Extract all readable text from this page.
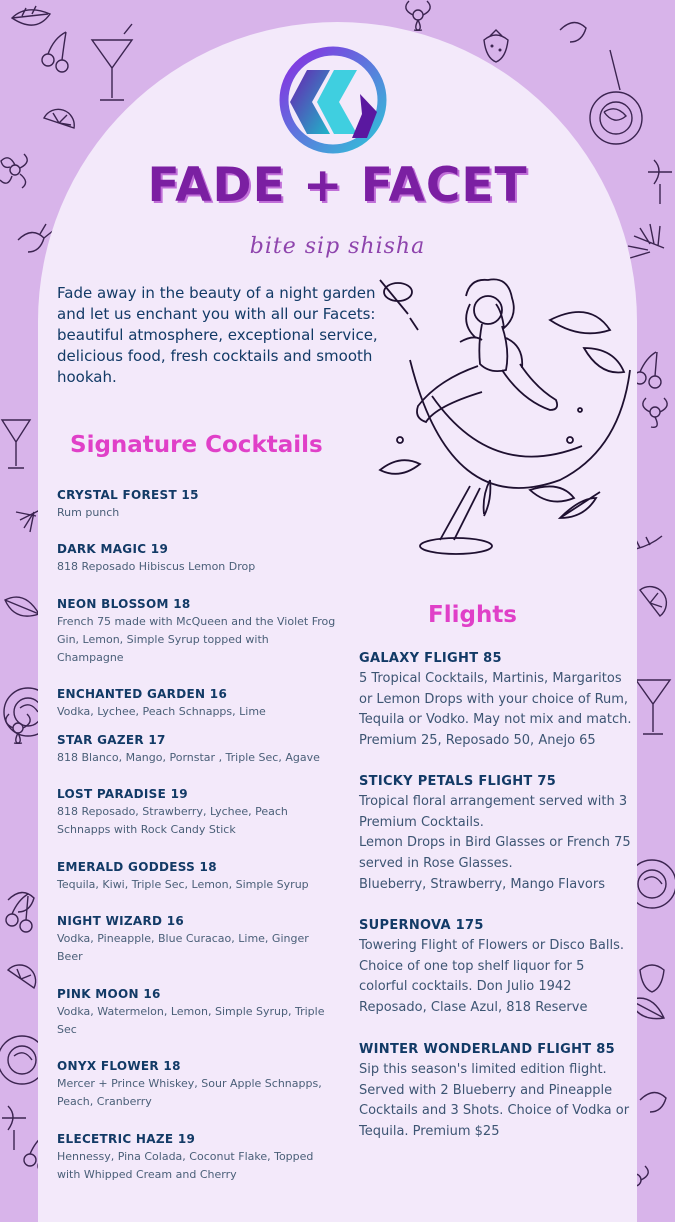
FADE + FACET
bite sip shisha
Fade away in the beauty of a night garden and let us enchant you with all our Facets: beautiful atmosphere, exceptional service, delicious food, fresh cocktails and smooth hookah.
Signature Cocktails
CRYSTAL FOREST 15
Rum punch
DARK MAGIC 19
818 Reposado Hibiscus Lemon Drop
NEON BLOSSOM 18
French 75 made with McQueen and the Violet Frog Gin, Lemon, Simple Syrup topped with Champagne
ENCHANTED GARDEN 16
Vodka, Lychee, Peach Schnapps, Lime
STAR GAZER 17
818 Blanco, Mango, Pornstar , Triple Sec, Agave
LOST PARADISE 19
818 Reposado, Strawberry, Lychee, Peach Schnapps with Rock Candy Stick
EMERALD GODDESS 18
Tequila, Kiwi, Triple Sec, Lemon, Simple Syrup
NIGHT WIZARD 16
Vodka, Pineapple, Blue Curacao, Lime, Ginger Beer
PINK MOON 16
Vodka, Watermelon, Lemon, Simple Syrup, Triple Sec
ONYX FLOWER 18
Mercer + Prince Whiskey, Sour Apple Schnapps, Peach, Cranberry
ELECETRIC HAZE 19
Hennessy, Pina Colada, Coconut Flake, Topped with Whipped Cream and Cherry
Flights
GALAXY FLIGHT 85
5 Tropical Cocktails, Martinis, Margaritos or Lemon Drops with your choice of Rum, Tequila or Vodko. May not mix and match. Premium 25, Reposado 50, Anejo 65
STICKY PETALS FLIGHT 75
Tropical floral arrangement served with 3 Premium Cocktails.
Lemon Drops in Bird Glasses or French 75 served in Rose Glasses.
Blueberry, Strawberry, Mango Flavors
SUPERNOVA 175
Towering Flight of Flowers or Disco Balls. Choice of one top shelf liquor for 5 colorful cocktails. Don Julio 1942 Reposado, Clase Azul, 818 Reserve
WINTER WONDERLAND FLIGHT 85
Sip this season's limited edition flight. Served with 2 Blueberry and Pineapple Cocktails and 3 Shots. Choice of Vodka or Tequila. Premium $25
